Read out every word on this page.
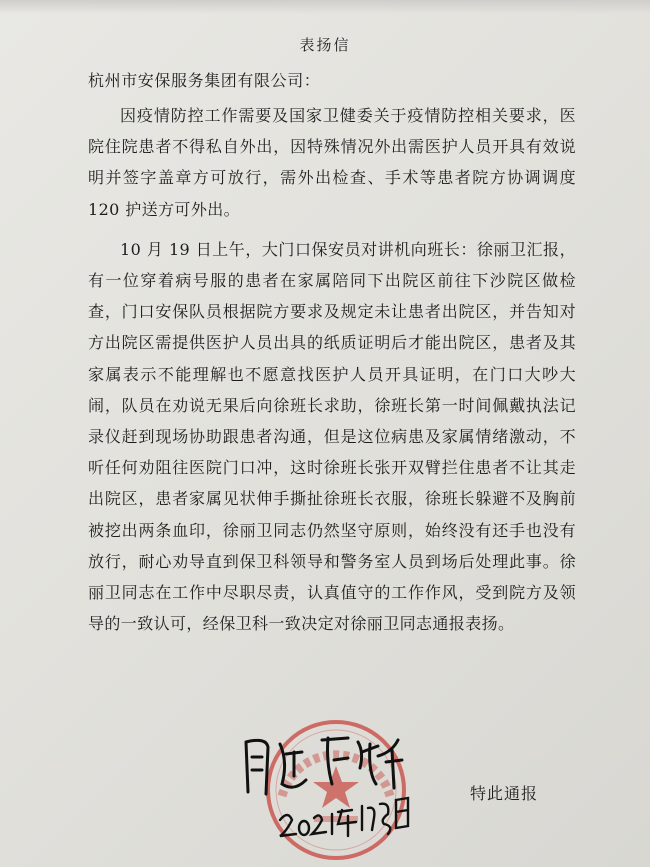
表扬信
杭州市安保服务集团有限公司：

因疫情防控工作需要及国家卫健委关于疫情防控相关要求，医院住院患者不得私自外出，因特殊情况外出需医护人员开具有效说明并签字盖章方可放行，需外出检查、手术等患者院方协调调度 120 护送方可外出。

10 月 19 日上午，大门口保安员对讲机向班长：徐丽卫汇报，有一位穿着病号服的患者在家属陪同下出院区前往下沙院区做检查，门口安保队员根据院方要求及规定未让患者出院区，并告知对方出院区需提供医护人员出具的纸质证明后才能出院区，患者及其家属表示不能理解也不愿意找医护人员开具证明，在门口大吵大闹，队员在劝说无果后向徐班长求助，徐班长第一时间佩戴执法记录仪赶到现场协助跟患者沟通，但是这位病患及家属情绪激动，不听任何劝阻往医院门口冲，这时徐班长张开双臂拦住患者不让其走出院区，患者家属见状伸手撕扯徐班长衣服，徐班长躲避不及胸前被挖出两条血印，徐丽卫同志仍然坚守原则，始终没有还手也没有放行，耐心劝导直到保卫科领导和警务室人员到场后处理此事。徐丽卫同志在工作中尽职尽责，认真值守的工作作风，受到院方及领导的一致认可，经保卫科一致决定对徐丽卫同志通报表扬。

特此通报
